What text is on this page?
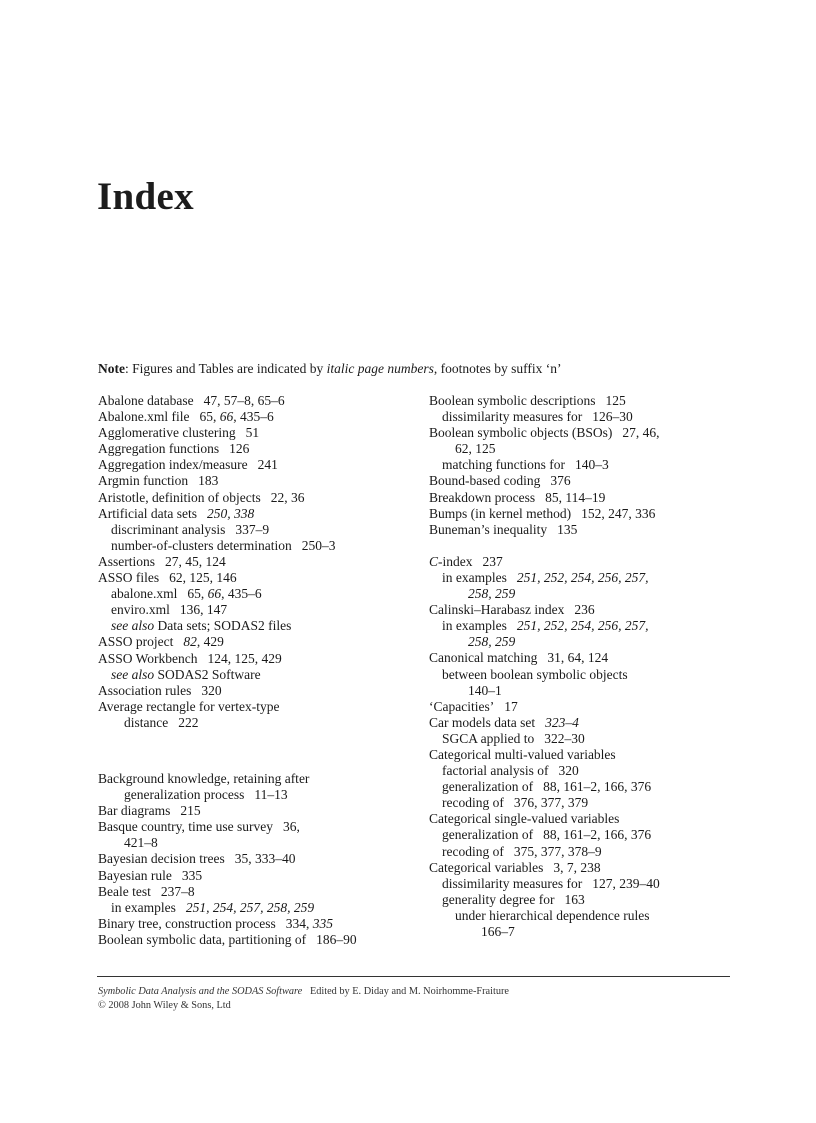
Index
Note: Figures and Tables are indicated by italic page numbers, footnotes by suffix ‘n’
Abalone database 47, 57–8, 65–6
Abalone.xml file 65, 66, 435–6
Agglomerative clustering 51
Aggregation functions 126
Aggregation index/measure 241
Argmin function 183
Aristotle, definition of objects 22, 36
Artificial data sets 250, 338
discriminant analysis 337–9
number-of-clusters determination 250–3
Assertions 27, 45, 124
ASSO files 62, 125, 146
abalone.xml 65, 66, 435–6
enviro.xml 136, 147
see also Data sets; SODAS2 files
ASSO project 82, 429
ASSO Workbench 124, 125, 429
see also SODAS2 Software
Association rules 320
Average rectangle for vertex-type
distance 222
Background knowledge, retaining after
generalization process 11–13
Bar diagrams 215
Basque country, time use survey 36,
421–8
Bayesian decision trees 35, 333–40
Bayesian rule 335
Beale test 237–8
in examples 251, 254, 257, 258, 259
Binary tree, construction process 334, 335
Boolean symbolic data, partitioning of 186–90
Boolean symbolic descriptions 125
dissimilarity measures for 126–30
Boolean symbolic objects (BSOs) 27, 46,
62, 125
matching functions for 140–3
Bound-based coding 376
Breakdown process 85, 114–19
Bumps (in kernel method) 152, 247, 336
Buneman’s inequality 135
C-index 237
in examples 251, 252, 254, 256, 257,
258, 259
Calinski–Harabasz index 236
in examples 251, 252, 254, 256, 257,
258, 259
Canonical matching 31, 64, 124
between boolean symbolic objects
140–1
‘Capacities’ 17
Car models data set 323–4
SGCA applied to 322–30
Categorical multi-valued variables
factorial analysis of 320
generalization of 88, 161–2, 166, 376
recoding of 376, 377, 379
Categorical single-valued variables
generalization of 88, 161–2, 166, 376
recoding of 375, 377, 378–9
Categorical variables 3, 7, 238
dissimilarity measures for 127, 239–40
generality degree for 163
under hierarchical dependence rules
166–7
Symbolic Data Analysis and the SODAS Software Edited by E. Diday and M. Noirhomme-Fraiture
© 2008 John Wiley & Sons, Ltd
